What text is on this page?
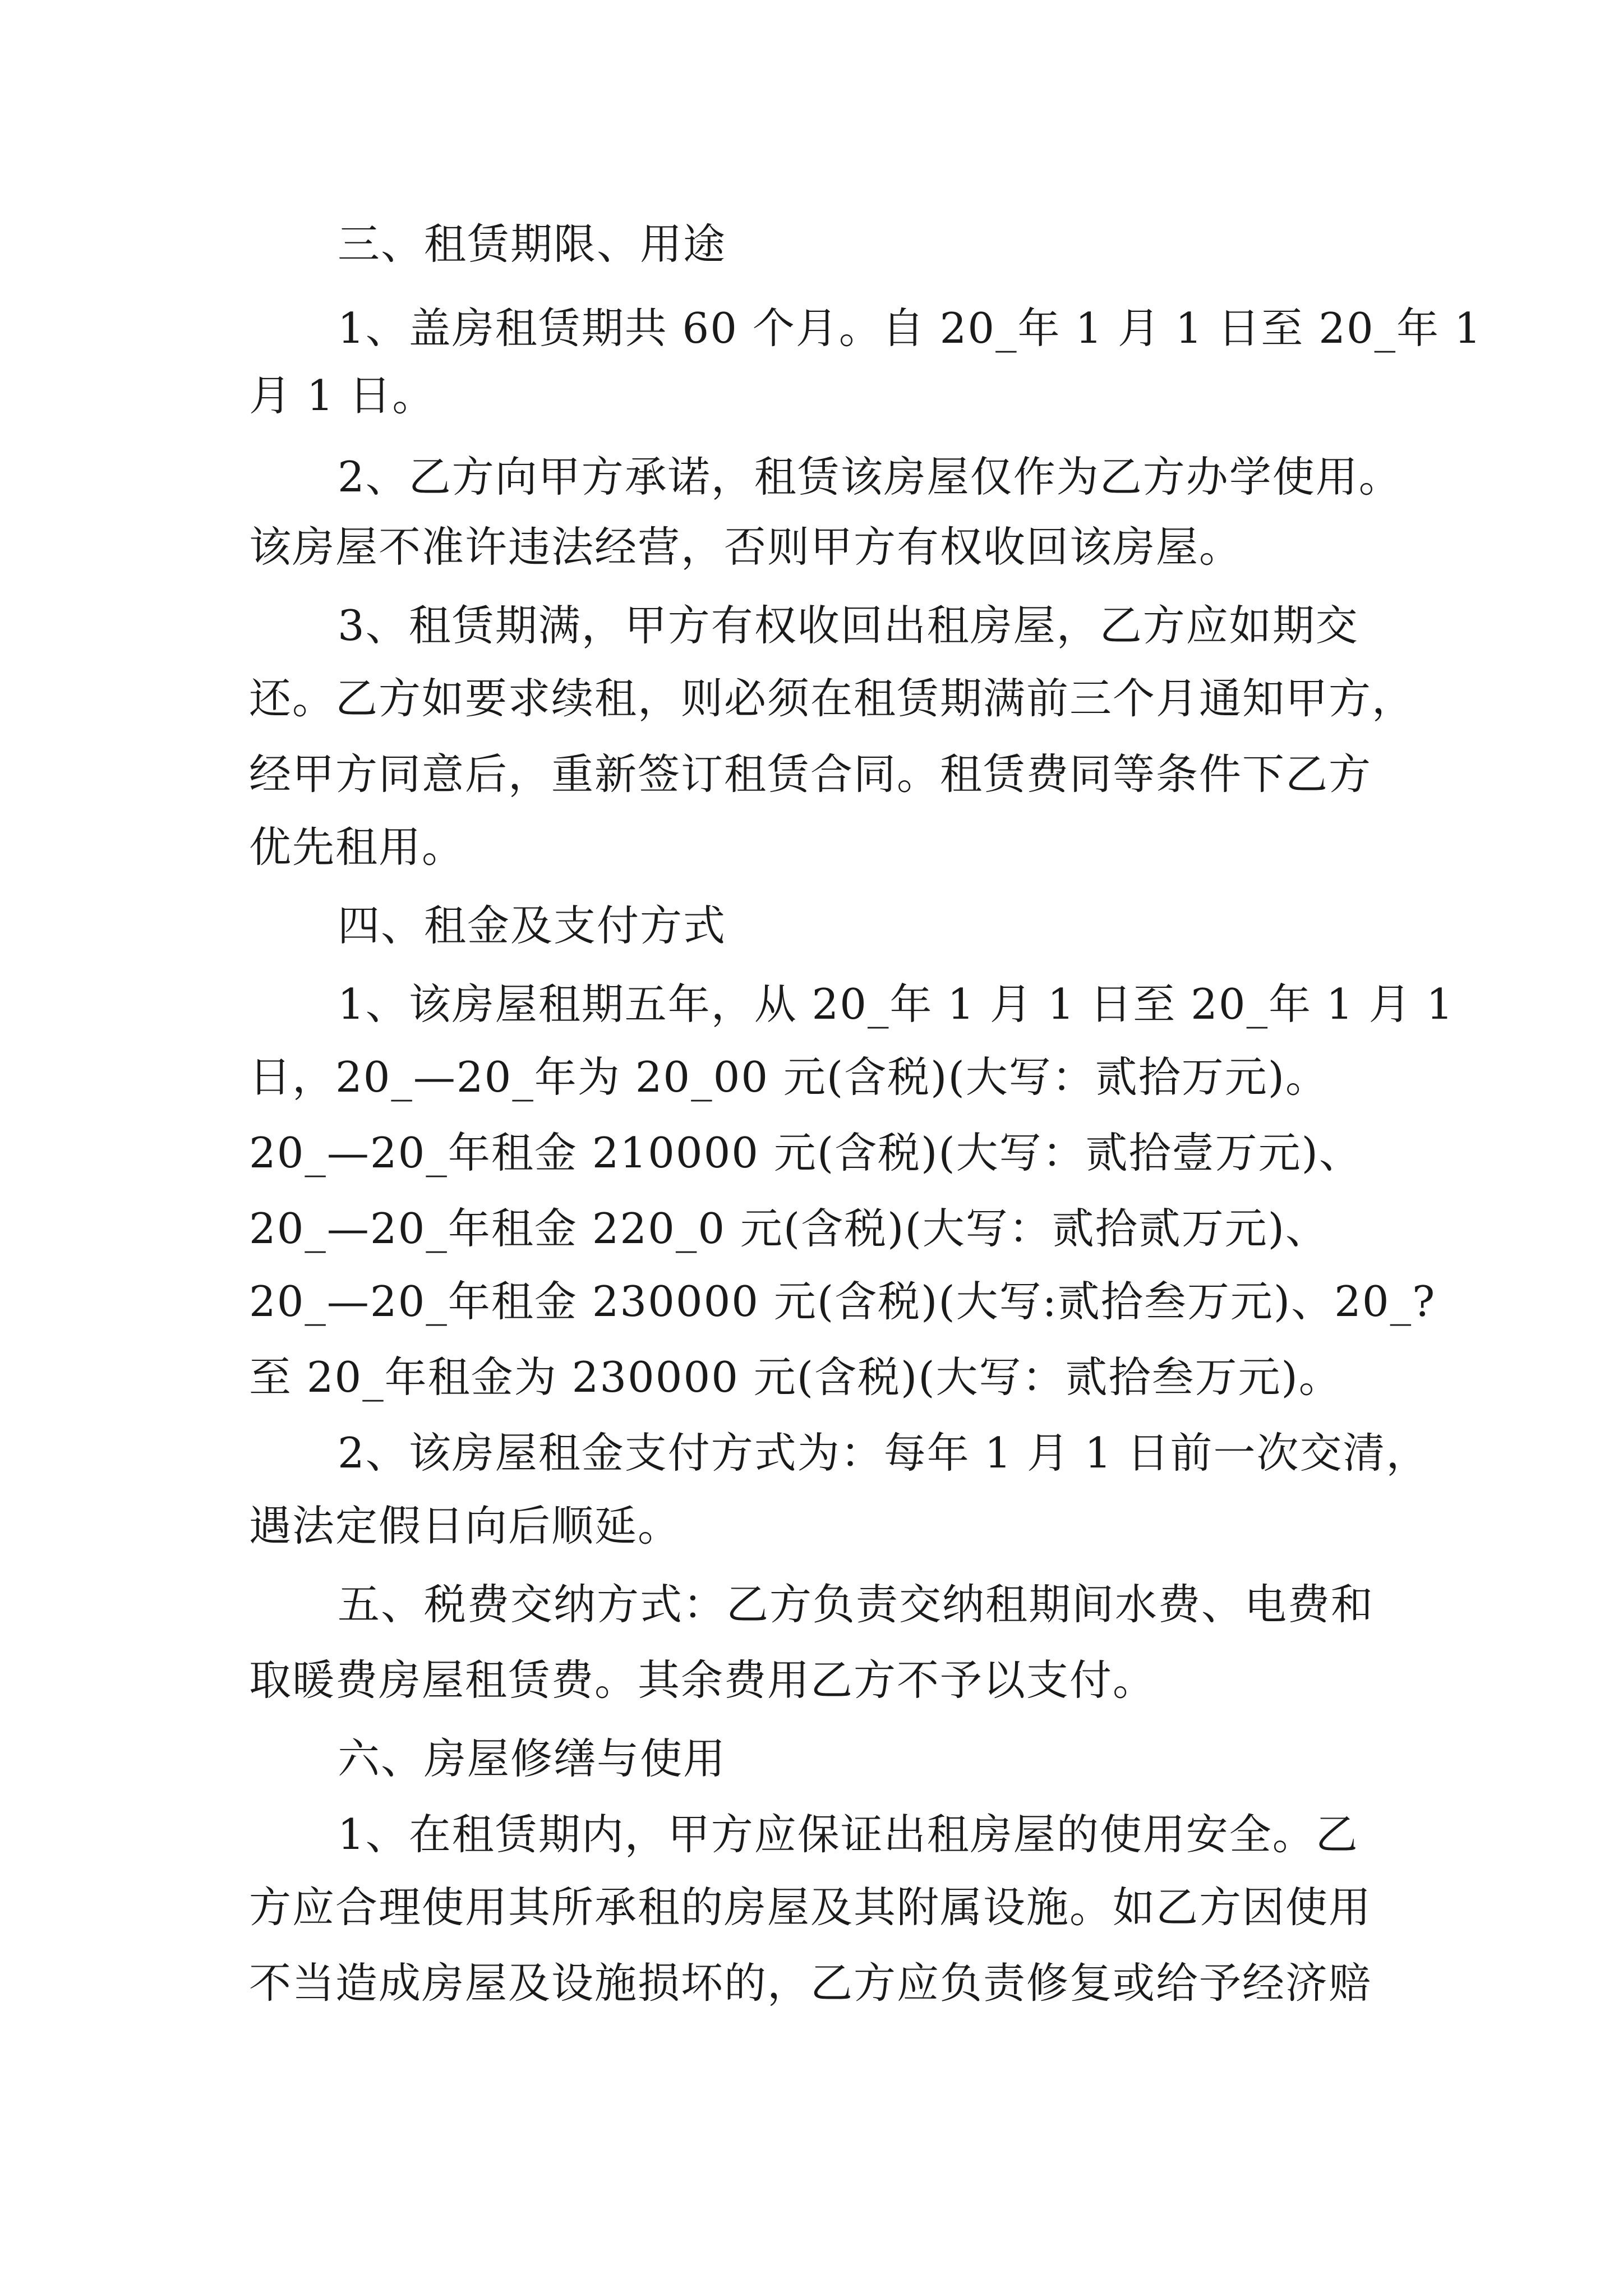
三、租赁期限、用途
1、盖房租赁期共 60 个月。自 20_年 1 月 1 日至 20_年 1
月 1 日。
2、乙方向甲方承诺，租赁该房屋仅作为乙方办学使用。
该房屋不准许违法经营，否则甲方有权收回该房屋。
3、租赁期满，甲方有权收回出租房屋，乙方应如期交
还。乙方如要求续租，则必须在租赁期满前三个月通知甲方，
经甲方同意后，重新签订租赁合同。租赁费同等条件下乙方
优先租用。
四、租金及支付方式
1、该房屋租期五年，从 20_年 1 月 1 日至 20_年 1 月 1
日，20_—20_年为 20_00 元(含税)(大写：贰拾万元)。
20_—20_年租金 210000 元(含税)(大写：贰拾壹万元)、
20_—20_年租金 220_0 元(含税)(大写：贰拾贰万元)、
20_—20_年租金 230000 元(含税)(大写:贰拾叁万元)、20_?
至 20_年租金为 230000 元(含税)(大写：贰拾叁万元)。
2、该房屋租金支付方式为：每年 1 月 1 日前一次交清，
遇法定假日向后顺延。
五、税费交纳方式：乙方负责交纳租期间水费、电费和
取暖费房屋租赁费。其余费用乙方不予以支付。
六、房屋修缮与使用
1、在租赁期内，甲方应保证出租房屋的使用安全。乙
方应合理使用其所承租的房屋及其附属设施。如乙方因使用
不当造成房屋及设施损坏的，乙方应负责修复或给予经济赔
